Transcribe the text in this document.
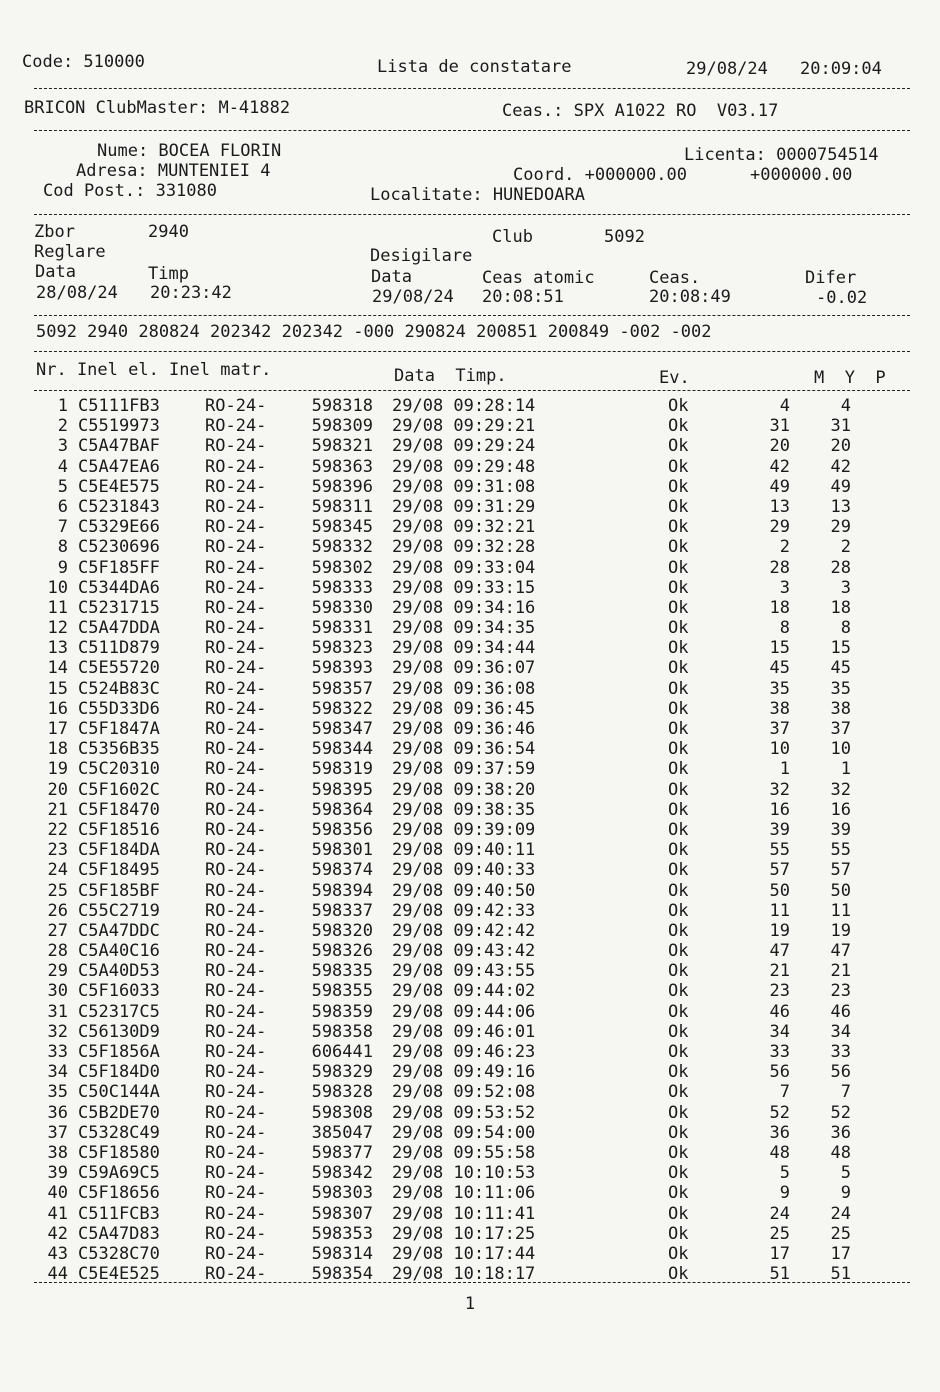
Code: 510000	Lista de constatare	29/08/24 20:09:04
BRICON ClubMaster: M-41882	Ceas.: SPX A1022 RO  V03.17
Nume: BOCEA FLORIN
Adresa: MUNTENIEI 4
Cod Post.: 331080
Licenta: 0000754514
Coord. +000000.00	+000000.00
Localitate: HUNEDOARA
Zbor	2940	Club	5092
Reglare	Desigilare
Data	Timp	Data	Ceas atomic	Ceas.	Difer
28/08/24 20:23:42	29/08/24 20:08:51	20:08:49	-0.02
5092 2940 280824 202342 202342 -000 290824 200851 200849 -002 -002
Nr. Inel el. Inel matr.	Data  Timp.	Ev.	M  Y  P
1 C5111FB3	RO-24-	598318 29/08 09:28:14	Ok	4	4
2 C5519973	RO-24-	598309 29/08 09:29:21	Ok	31	31
3 C5A47BAF	RO-24-	598321 29/08 09:29:24	Ok	20	20
4 C5A47EA6	RO-24-	598363 29/08 09:29:48	Ok	42	42
5 C5E4E575	RO-24-	598396 29/08 09:31:08	Ok	49	49
6 C5231843	RO-24-	598311 29/08 09:31:29	Ok	13	13
7 C5329E66	RO-24-	598345 29/08 09:32:21	Ok	29	29
8 C5230696	RO-24-	598332 29/08 09:32:28	Ok	2	2
9 C5F185FF	RO-24-	598302 29/08 09:33:04	Ok	28	28
10 C5344DA6	RO-24-	598333 29/08 09:33:15	Ok	3	3
11 C5231715	RO-24-	598330 29/08 09:34:16	Ok	18	18
12 C5A47DDA	RO-24-	598331 29/08 09:34:35	Ok	8	8
13 C511D879	RO-24-	598323 29/08 09:34:44	Ok	15	15
14 C5E55720	RO-24-	598393 29/08 09:36:07	Ok	45	45
15 C524B83C	RO-24-	598357 29/08 09:36:08	Ok	35	35
16 C55D33D6	RO-24-	598322 29/08 09:36:45	Ok	38	38
17 C5F1847A	RO-24-	598347 29/08 09:36:46	Ok	37	37
18 C5356B35	RO-24-	598344 29/08 09:36:54	Ok	10	10
19 C5C20310	RO-24-	598319 29/08 09:37:59	Ok	1	1
20 C5F1602C	RO-24-	598395 29/08 09:38:20	Ok	32	32
21 C5F18470	RO-24-	598364 29/08 09:38:35	Ok	16	16
22 C5F18516	RO-24-	598356 29/08 09:39:09	Ok	39	39
23 C5F184DA	RO-24-	598301 29/08 09:40:11	Ok	55	55
24 C5F18495	RO-24-	598374 29/08 09:40:33	Ok	57	57
25 C5F185BF	RO-24-	598394 29/08 09:40:50	Ok	50	50
26 C55C2719	RO-24-	598337 29/08 09:42:33	Ok	11	11
27 C5A47DDC	RO-24-	598320 29/08 09:42:42	Ok	19	19
28 C5A40C16	RO-24-	598326 29/08 09:43:42	Ok	47	47
29 C5A40D53	RO-24-	598335 29/08 09:43:55	Ok	21	21
30 C5F16033	RO-24-	598355 29/08 09:44:02	Ok	23	23
31 C52317C5	RO-24-	598359 29/08 09:44:06	Ok	46	46
32 C56130D9	RO-24-	598358 29/08 09:46:01	Ok	34	34
33 C5F1856A	RO-24-	606441 29/08 09:46:23	Ok	33	33
34 C5F184D0	RO-24-	598329 29/08 09:49:16	Ok	56	56
35 C50C144A	RO-24-	598328 29/08 09:52:08	Ok	7	7
36 C5B2DE70	RO-24-	598308 29/08 09:53:52	Ok	52	52
37 C5328C49	RO-24-	385047 29/08 09:54:00	Ok	36	36
38 C5F18580	RO-24-	598377 29/08 09:55:58	Ok	48	48
39 C59A69C5	RO-24-	598342 29/08 10:10:53	Ok	5	5
40 C5F18656	RO-24-	598303 29/08 10:11:06	Ok	9	9
41 C511FCB3	RO-24-	598307 29/08 10:11:41	Ok	24	24
42 C5A47D83	RO-24-	598353 29/08 10:17:25	Ok	25	25
43 C5328C70	RO-24-	598314 29/08 10:17:44	Ok	17	17
44 C5E4E525	RO-24-	598354 29/08 10:18:17	Ok	51	51
1
